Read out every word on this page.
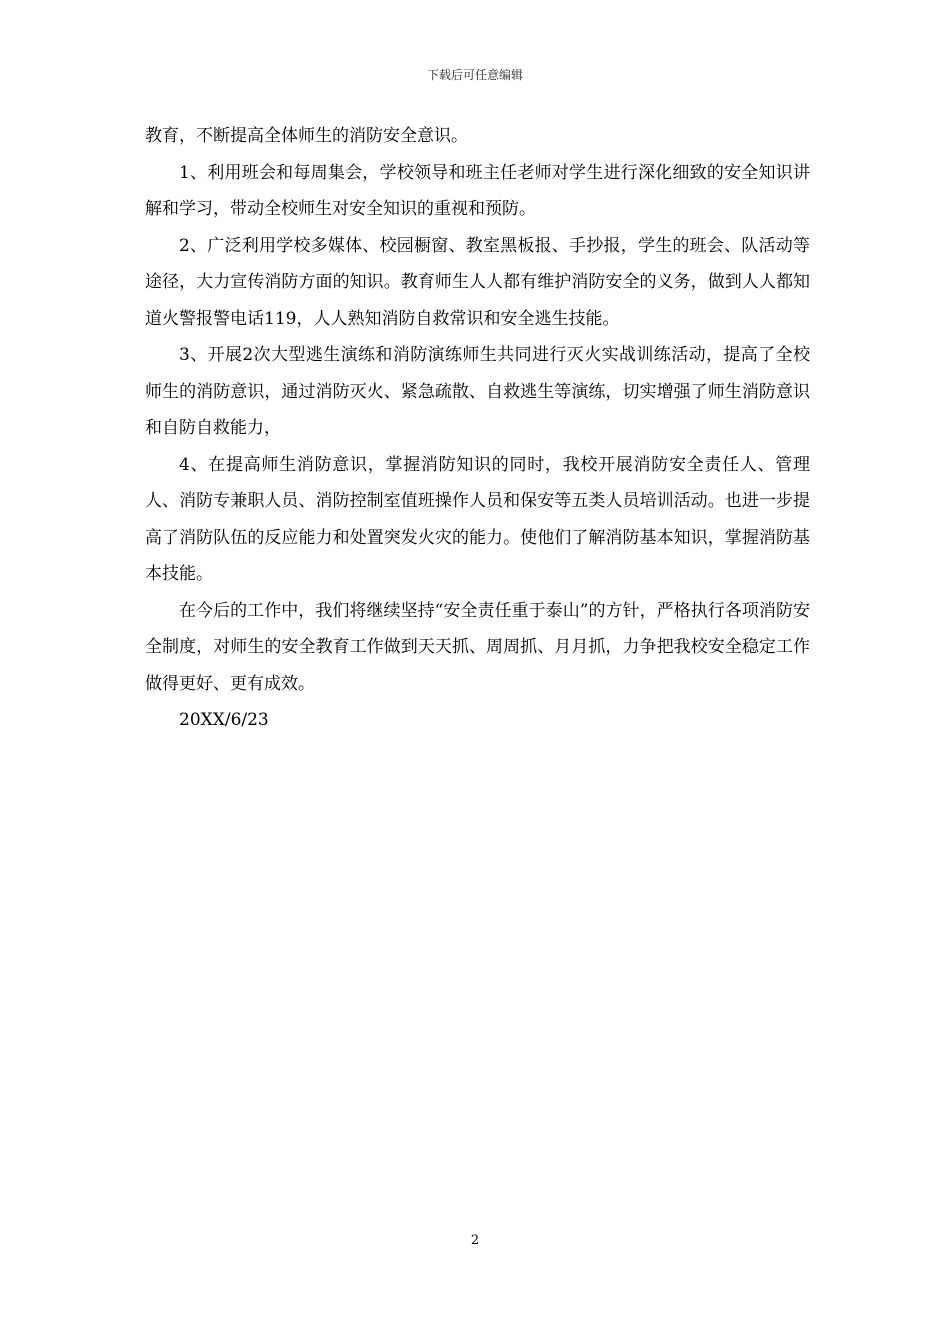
下载后可任意编辑

教育，不断提高全体师生的消防安全意识。

1、利用班会和每周集会，学校领导和班主任老师对学生进行深化细致的安全知识讲解和学习，带动全校师生对安全知识的重视和预防。

2、广泛利用学校多媒体、校园橱窗、教室黑板报、手抄报，学生的班会、队活动等途径，大力宣传消防方面的知识。教育师生人人都有维护消防安全的义务，做到人人都知道火警报警电话119，人人熟知消防自救常识和安全逃生技能。

3、开展2次大型逃生演练和消防演练师生共同进行灭火实战训练活动，提高了全校师生的消防意识，通过消防灭火、紧急疏散、自救逃生等演练，切实增强了师生消防意识和自防自救能力，

4、在提高师生消防意识，掌握消防知识的同时，我校开展消防安全责任人、管理人、消防专兼职人员、消防控制室值班操作人员和保安等五类人员培训活动。也进一步提高了消防队伍的反应能力和处置突发火灾的能力。使他们了解消防基本知识，掌握消防基本技能。

在今后的工作中，我们将继续坚持“安全责任重于泰山”的方针，严格执行各项消防安全制度，对师生的安全教育工作做到天天抓、周周抓、月月抓，力争把我校安全稳定工作做得更好、更有成效。

20XX/6/23

2
